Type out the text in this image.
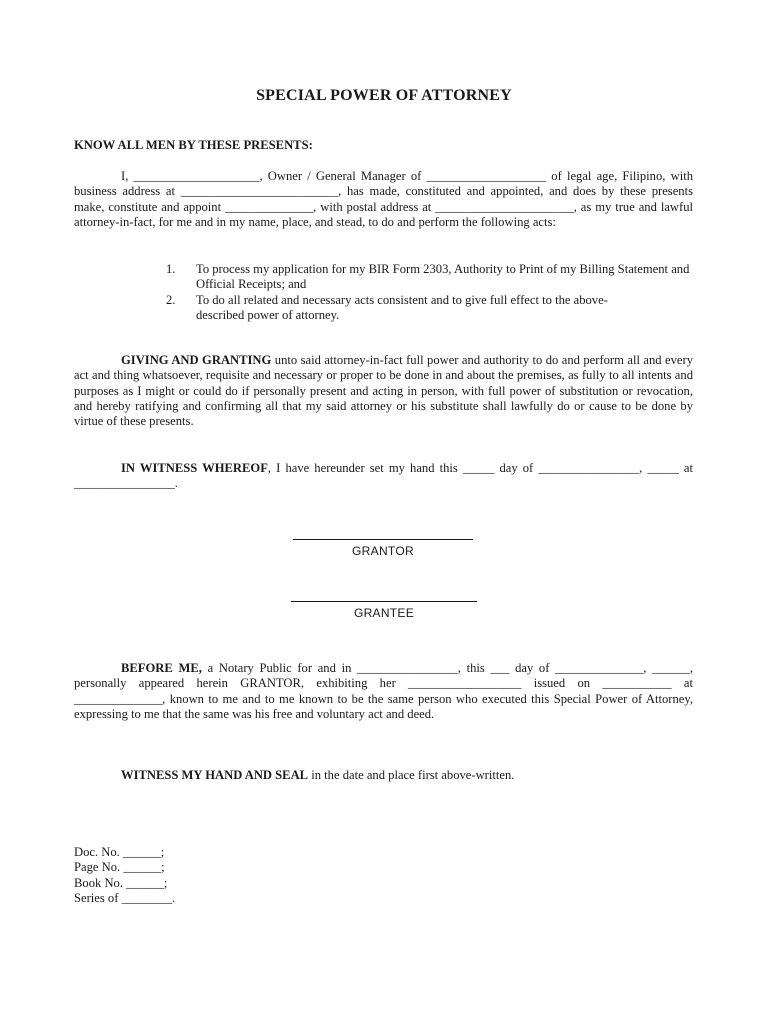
SPECIAL POWER OF ATTORNEY
KNOW ALL MEN BY THESE PRESENTS:
I, ____________________, Owner / General Manager of ___________________ of legal age, Filipino, with business address at _________________________, has made, constituted and appointed, and does by these presents make, constitute and appoint ______________, with postal address at ______________________, as my true and lawful attorney-in-fact, for me and in my name, place, and stead, to do and perform the following acts:
1. To process my application for my BIR Form 2303, Authority to Print of my Billing Statement and Official Receipts; and
2. To do all related and necessary acts consistent and to give full effect to the above-described power of attorney.
GIVING AND GRANTING unto said attorney-in-fact full power and authority to do and perform all and every act and thing whatsoever, requisite and necessary or proper to be done in and about the premises, as fully to all intents and purposes as I might or could do if personally present and acting in person, with full power of substitution or revocation, and hereby ratifying and confirming all that my said attorney or his substitute shall lawfully do or cause to be done by virtue of these presents.
IN WITNESS WHEREOF, I have hereunder set my hand this _____ day of ________________, _____ at ________________.
GRANTOR
GRANTEE
BEFORE ME, a Notary Public for and in ________________, this ___ day of ______________, ______, personally appeared herein GRANTOR, exhibiting her __________________ issued on ___________ at ______________, known to me and to me known to be the same person who executed this Special Power of Attorney, expressing to me that the same was his free and voluntary act and deed.
WITNESS MY HAND AND SEAL in the date and place first above-written.
Doc. No. ______;
Page No. ______;
Book No. ______;
Series of ________.
